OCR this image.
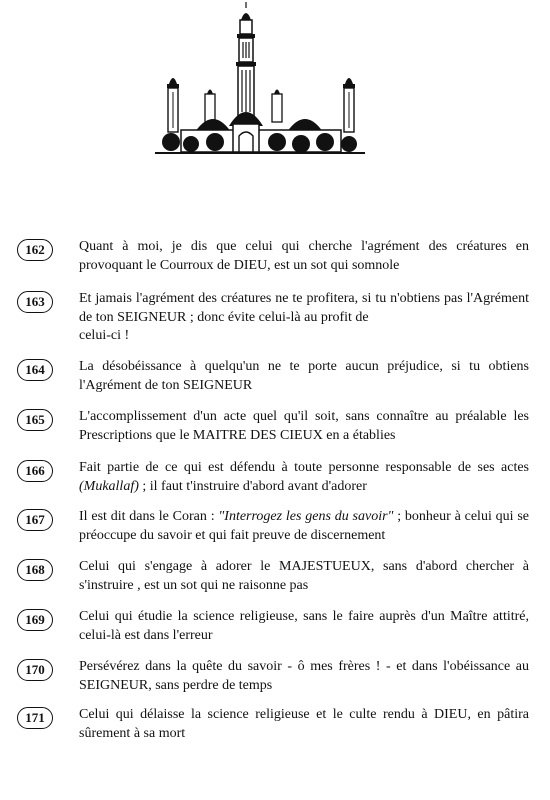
162	Quant à moi, je dis que celui qui cherche l'agrément des créatures en provoquant le Courroux de DIEU, est un sot qui somnole
163	Et jamais l'agrément des créatures ne te profitera, si tu n'obtiens pas l'Agrément de ton SEIGNEUR ; donc évite celui-là au profit de
celui-ci !
164	La désobéissance à quelqu'un ne te porte aucun préjudice, si tu obtiens l'Agrément de ton SEIGNEUR
165	L'accomplissement d'un acte quel qu'il soit, sans connaître au préalable les Prescriptions que le MAITRE DES CIEUX en a établies
166	Fait partie de ce qui est défendu à toute personne responsable de ses actes (Mukallaf) ; il faut t'instruire d'abord avant d'adorer
167	Il est dit dans le Coran : "Interrogez les gens du savoir" ; bonheur à celui qui se préoccupe du savoir et qui fait preuve de discernement
168	Celui qui s'engage à adorer le MAJESTUEUX, sans d'abord chercher à s'instruire , est un sot qui ne raisonne pas
169	Celui qui étudie la science religieuse, sans le faire auprès d'un Maître attitré, celui-là est dans l'erreur
170	Persévérez dans la quête du savoir - ô mes frères ! - et dans l'obéissance au SEIGNEUR, sans perdre de temps
171	Celui qui délaisse la science religieuse et le culte rendu à DIEU, en pâtira sûrement à sa mort
